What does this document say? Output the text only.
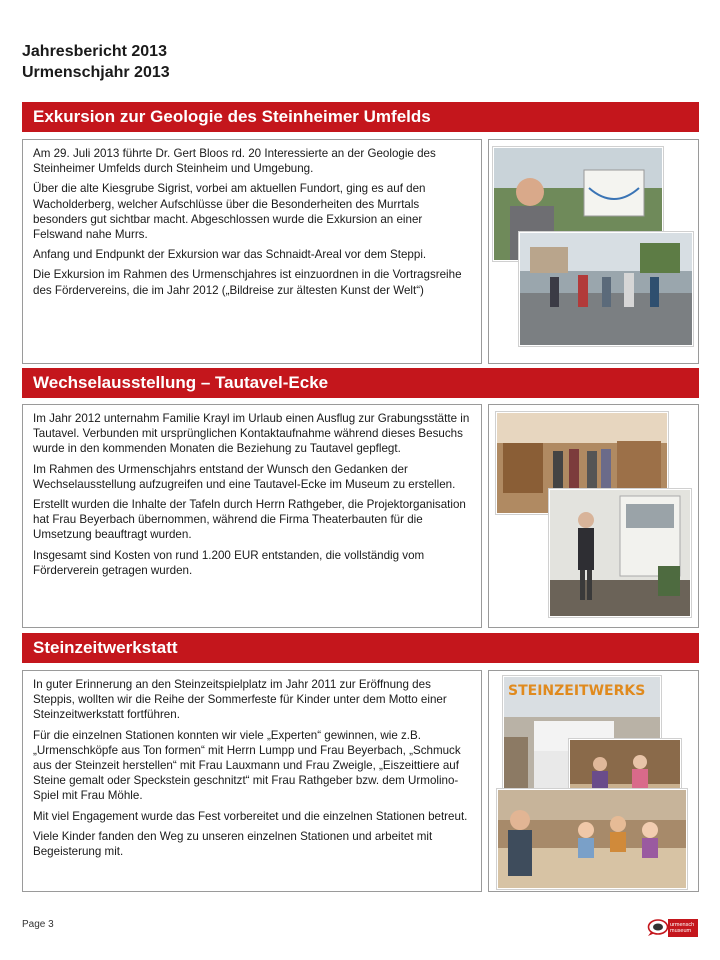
Jahresbericht 2013
Urmenschjahr 2013
Exkursion zur Geologie des Steinheimer Umfelds

Am 29. Juli 2013 führte Dr. Gert Bloos rd. 20 Interessierte an der Geologie des Steinheimer Umfelds durch Steinheim und Umgebung.

Über die alte Kiesgrube Sigrist, vorbei am aktuellen Fundort, ging es auf den Wacholderberg, welcher Aufschlüsse über die Besonderheiten des Murrtals besonders gut sichtbar macht. Abgeschlossen wurde die Exkursion an einer Felswand nahe Murrs.

Anfang und Endpunkt der Exkursion war das Schnaidt-Areal vor dem Steppi.

Die Exkursion im Rahmen des Urmenschjahres ist einzuordnen in die Vortragsreihe des Fördervereins, die im Jahr 2012 („Bildreise zur ältesten Kunst der Welt“)

Wechselausstellung – Tautavel-Ecke

Im Jahr 2012 unternahm Familie Krayl im Urlaub einen Ausflug zur Grabungsstätte in Tautavel. Verbunden mit ursprünglichen Kontaktaufnahme während dieses Besuchs wurde in den kommenden Monaten die Beziehung zu Tautavel gepflegt.

Im Rahmen des Urmenschjahrs entstand der Wunsch den Gedanken der Wechselausstellung aufzugreifen und eine Tautavel-Ecke im Museum zu erstellen.

Erstellt wurden die Inhalte der Tafeln durch Herrn Rathgeber, die Projektorganisation hat Frau Beyerbach übernommen, während die Firma Theaterbauten für die Umsetzung beauftragt wurden.

Insgesamt sind Kosten von rund 1.200 EUR entstanden, die vollständig vom Förderverein getragen wurden.

Steinzeitwerkstatt

In guter Erinnerung an den Steinzeitspielplatz im Jahr 2011 zur Eröffnung des Steppis, wollten wir die Reihe der Sommerfeste für Kinder unter dem Motto einer Steinzeitwerkstatt fortführen.

Für die einzelnen Stationen konnten wir viele „Experten“ gewinnen, wie z.B. „Urmenschköpfe aus Ton formen“ mit Herrn Lumpp und Frau Beyerbach, „Schmuck aus der Steinzeit herstellen“ mit Frau Lauxmann und Frau Zweigle, „Eiszeittiere auf Steine gemalt oder Speckstein geschnitzt“ mit Frau Rathgeber bzw. dem Urmolino-Spiel mit Frau Möhle.

Mit viel Engagement wurde das Fest vorbereitet und die einzelnen Stationen betreut.

Viele Kinder fanden den Weg zu unseren einzelnen Stationen und arbeitet mit Begeisterung mit.

STEINZEITWERKS
Page 3	urmensch
museum
